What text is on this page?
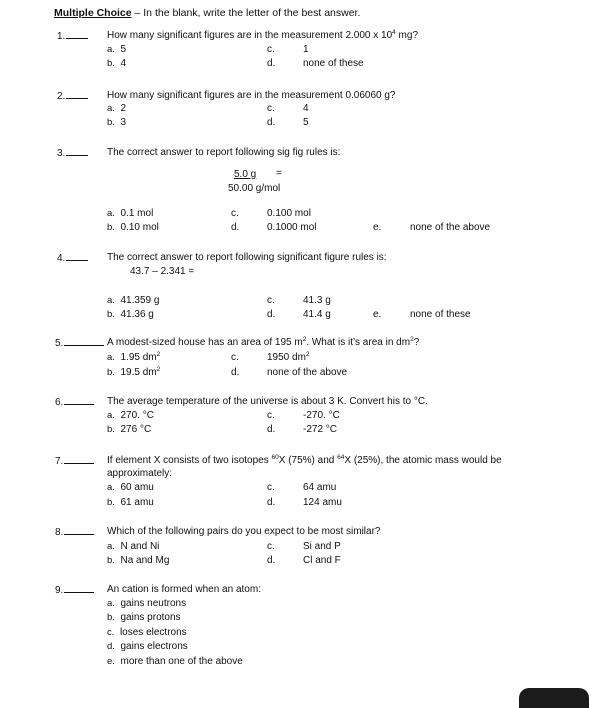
Multiple Choice – In the blank, write the letter of the best answer.
1.	How many significant figures are in the measurement 2.000 x $10^4$ mg?
a. 5
b. 4
c.	1
d.	none of these
2.	How many significant figures are in the measurement 0.06060 g?
a. 2
b. 3
c.	4
d.	5
3.	The correct answer to report following sig fig rules is:
5.0 g =
50.00 g/mol
a. 0.1 mol
b. 0.10 mol
c.	0.100 mol
d.	0.1000 mol	e.	none of the above
4.	The correct answer to report following significant figure rules is:
43.7 – 2.341 =
a. 41.359 g
b. 41.36 g
c.	41.3 g
d.	41.4 g	e.	none of these
5.	A modest-sized house has an area of 195 $m^2$. What is it’s area in $dm^2$?
a. 1.95 $dm^2$
b. 19.5 $dm^2$
c.	1950 $dm^2$
d.	none of the above
6.	The average temperature of the universe is about 3 K. Convert his to °C.
a. 270. °C
b. 276 °C
c.	-270. °C
d.	-272 °C
7.	If element X consists of two isotopes $^{60}$X (75%) and $^{64}$X (25%), the atomic mass would be
approximately:
a. 60 amu
b. 61 amu
c.	64 amu
d.	124 amu
8.	Which of the following pairs do you expect to be most similar?
a. N and Ni
b. Na and Mg
c.	Si and P
d.	Cl and F
9.	An cation is formed when an atom:
a. gains neutrons
b. gains protons
c. loses electrons
d. gains electrons
e. more than one of the above
